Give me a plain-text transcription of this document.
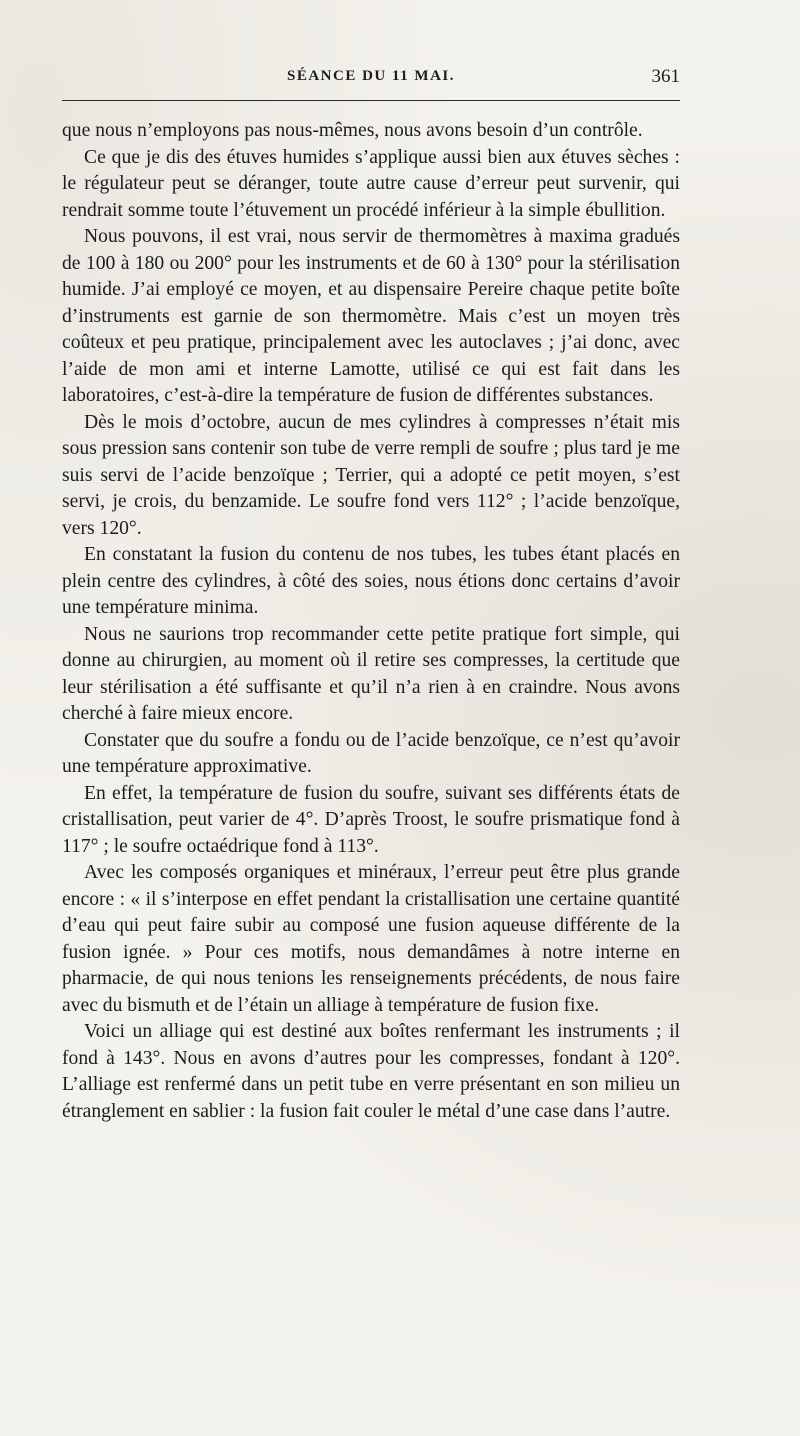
SÉANCE DU 11 MAI.	361

que nous n’employons pas nous-mêmes, nous avons besoin d’un contrôle.

Ce que je dis des étuves humides s’applique aussi bien aux étuves sèches : le régulateur peut se déranger, toute autre cause d’erreur peut survenir, qui rendrait somme toute l’étuvement un procédé inférieur à la simple ébullition.

Nous pouvons, il est vrai, nous servir de thermomètres à maxima gradués de 100 à 180 ou 200° pour les instruments et de 60 à 130° pour la stérilisation humide. J’ai employé ce moyen, et au dispensaire Pereire chaque petite boîte d’instruments est garnie de son thermomètre. Mais c’est un moyen très coûteux et peu pratique, principalement avec les autoclaves ; j’ai donc, avec l’aide de mon ami et interne Lamotte, utilisé ce qui est fait dans les laboratoires, c’est-à-dire la température de fusion de différentes substances.

Dès le mois d’octobre, aucun de mes cylindres à compresses n’était mis sous pression sans contenir son tube de verre rempli de soufre ; plus tard je me suis servi de l’acide benzoïque ; Terrier, qui a adopté ce petit moyen, s’est servi, je crois, du benzamide. Le soufre fond vers 112° ; l’acide benzoïque, vers 120°.

En constatant la fusion du contenu de nos tubes, les tubes étant placés en plein centre des cylindres, à côté des soies, nous étions donc certains d’avoir une température minima.

Nous ne saurions trop recommander cette petite pratique fort simple, qui donne au chirurgien, au moment où il retire ses compresses, la certitude que leur stérilisation a été suffisante et qu’il n’a rien à en craindre. Nous avons cherché à faire mieux encore.

Constater que du soufre a fondu ou de l’acide benzoïque, ce n’est qu’avoir une température approximative.

En effet, la température de fusion du soufre, suivant ses différents états de cristallisation, peut varier de 4°. D’après Troost, le soufre prismatique fond à 117° ; le soufre octaédrique fond à 113°.

Avec les composés organiques et minéraux, l’erreur peut être plus grande encore : « il s’interpose en effet pendant la cristallisation une certaine quantité d’eau qui peut faire subir au composé une fusion aqueuse différente de la fusion ignée. » Pour ces motifs, nous demandâmes à notre interne en pharmacie, de qui nous tenions les renseignements précédents, de nous faire avec du bismuth et de l’étain un alliage à température de fusion fixe.

Voici un alliage qui est destiné aux boîtes renfermant les instruments ; il fond à 143°. Nous en avons d’autres pour les compresses, fondant à 120°. L’alliage est renfermé dans un petit tube en verre présentant en son milieu un étranglement en sablier : la fusion fait couler le métal d’une case dans l’autre.
